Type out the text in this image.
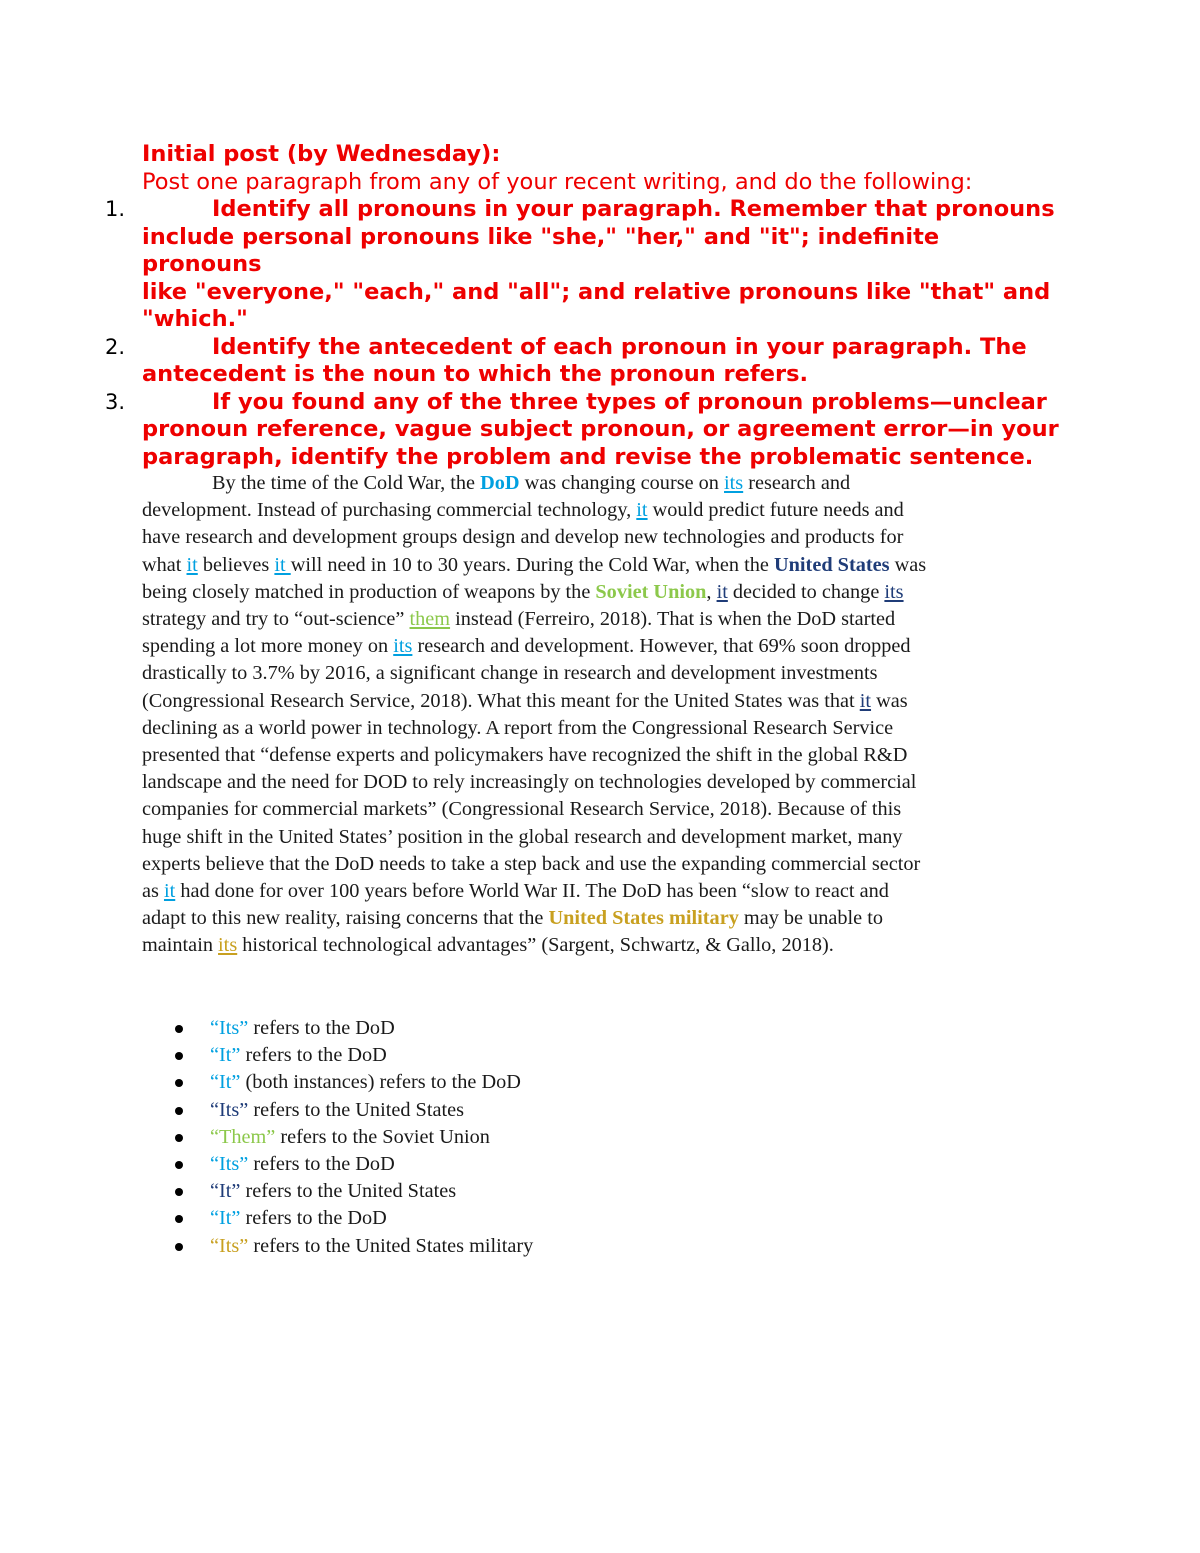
Initial post (by Wednesday):
Post one paragraph from any of your recent writing, and do the following:
1.	Identify all pronouns in your paragraph. Remember that pronouns
include personal pronouns like "she," "her," and "it"; indefinite pronouns
like "everyone," "each," and "all"; and relative pronouns like "that" and
"which."
2.	Identify the antecedent of each pronoun in your paragraph. The
antecedent is the noun to which the pronoun refers.
3.	If you found any of the three types of pronoun problems—unclear
pronoun reference, vague subject pronoun, or agreement error—in your
paragraph, identify the problem and revise the problematic sentence.
By the time of the Cold War, the DoD was changing course on its research and
development. Instead of purchasing commercial technology, it would predict future needs and
have research and development groups design and develop new technologies and products for
what it believes it will need in 10 to 30 years. During the Cold War, when the United States was
being closely matched in production of weapons by the Soviet Union, it decided to change its
strategy and try to “out-science” them instead (Ferreiro, 2018). That is when the DoD started
spending a lot more money on its research and development. However, that 69% soon dropped
drastically to 3.7% by 2016, a significant change in research and development investments
(Congressional Research Service, 2018). What this meant for the United States was that it was
declining as a world power in technology. A report from the Congressional Research Service
presented that “defense experts and policymakers have recognized the shift in the global R&D
landscape and the need for DOD to rely increasingly on technologies developed by commercial
companies for commercial markets” (Congressional Research Service, 2018). Because of this
huge shift in the United States’ position in the global research and development market, many
experts believe that the DoD needs to take a step back and use the expanding commercial sector
as it had done for over 100 years before World War II. The DoD has been “slow to react and
adapt to this new reality, raising concerns that the United States military may be unable to
maintain its historical technological advantages” (Sargent, Schwartz, & Gallo, 2018).
“Its” refers to the DoD
“It” refers to the DoD
“It” (both instances) refers to the DoD
“Its” refers to the United States
“Them” refers to the Soviet Union
“Its” refers to the DoD
“It” refers to the United States
“It” refers to the DoD
“Its” refers to the United States military
